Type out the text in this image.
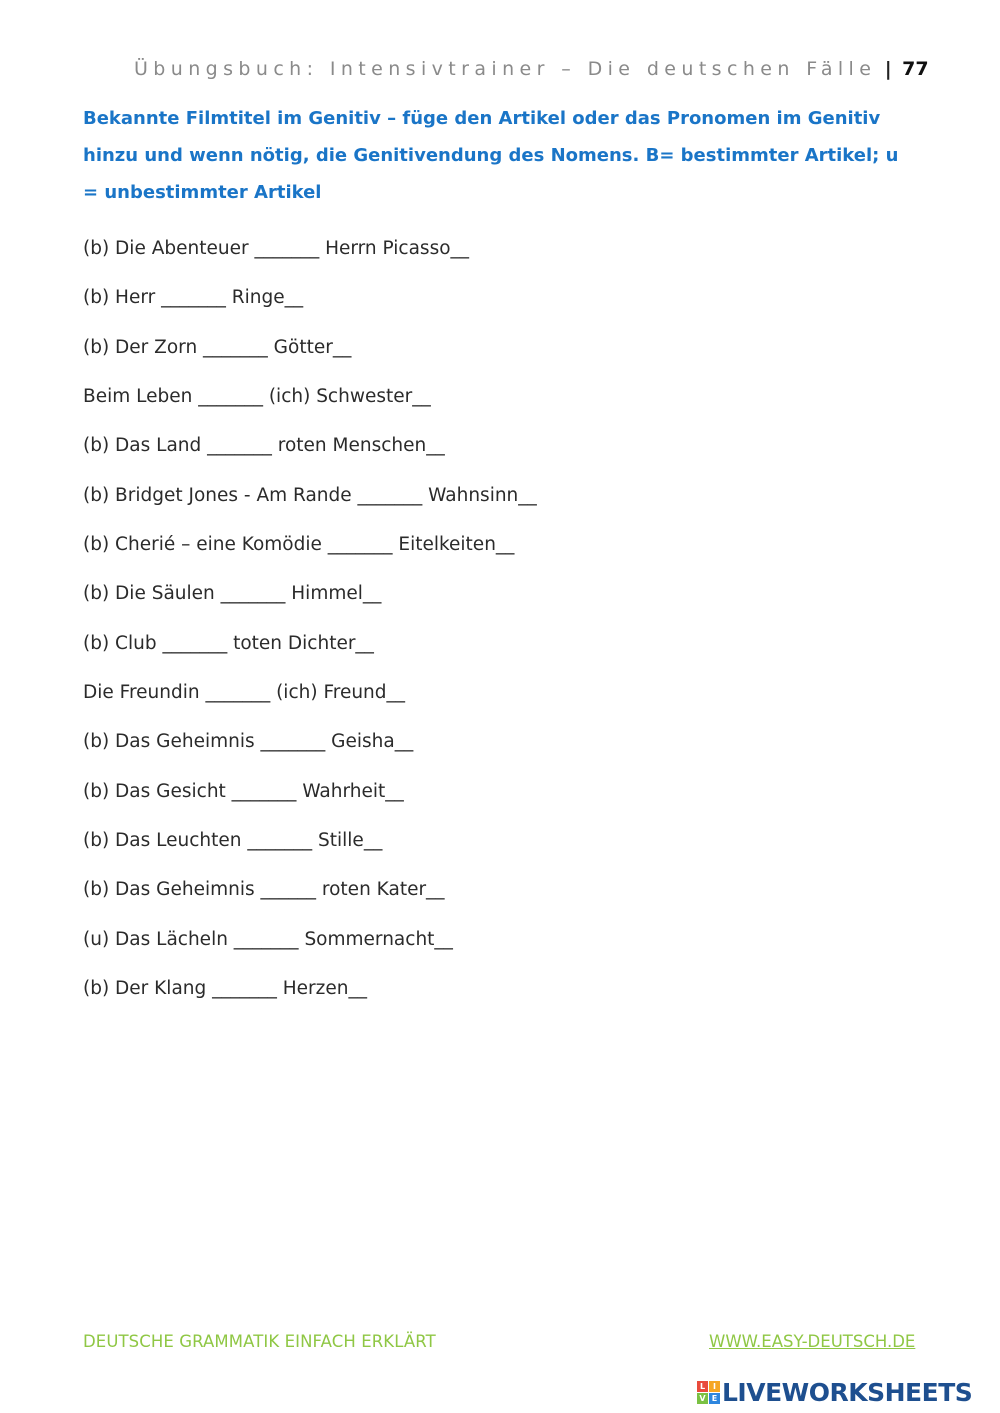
Übungsbuch: Intensivtrainer – Die deutschen Fälle | 77
Bekannte Filmtitel im Genitiv – füge den Artikel oder das Pronomen im Genitiv hinzu und wenn nötig, die Genitivendung des Nomens. B= bestimmter Artikel; u = unbestimmter Artikel
(b) Die Abenteuer _______ Herrn Picasso__
(b) Herr _______ Ringe__
(b) Der Zorn _______ Götter__
Beim Leben _______ (ich) Schwester__
(b) Das Land _______ roten Menschen__
(b) Bridget Jones - Am Rande _______ Wahnsinn__
(b) Cherié – eine Komödie _______ Eitelkeiten__
(b) Die Säulen _______ Himmel__
(b) Club _______ toten Dichter__
Die Freundin _______ (ich) Freund__
(b) Das Geheimnis _______ Geisha__
(b) Das Gesicht _______ Wahrheit__
(b) Das Leuchten _______ Stille__
(b) Das Geheimnis ______ roten Kater__
(u) Das Lächeln _______ Sommernacht__
(b) Der Klang _______ Herzen__
DEUTSCHE GRAMMATIK EINFACH ERKLÄRT	WWW.EASY-DEUTSCH.DE
L I
V E LIVEWORKSHEETS
